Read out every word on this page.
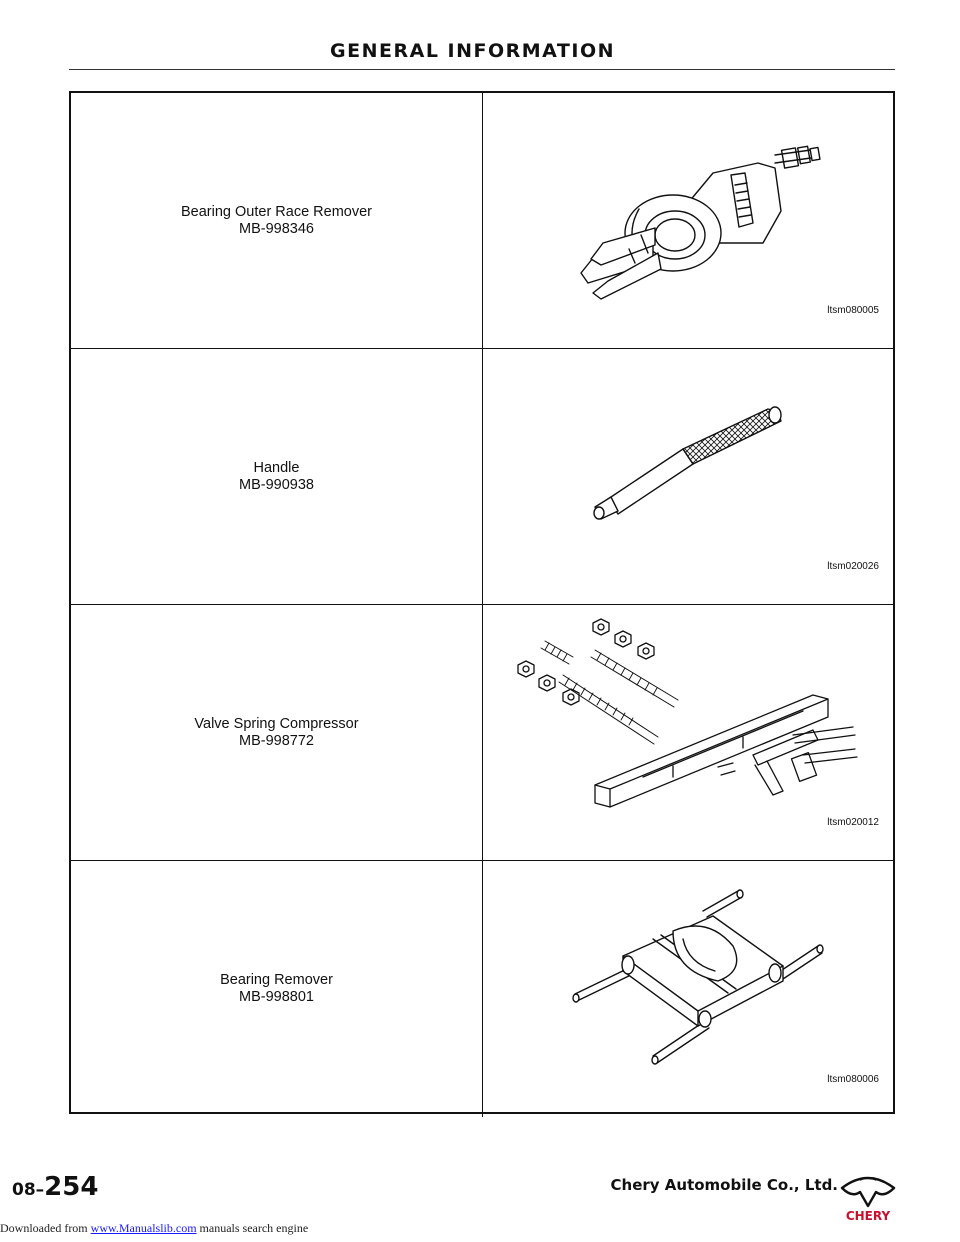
GENERAL INFORMATION
Bearing Outer Race Remover
MB-998346
ltsm080005
Handle
MB-990938
ltsm020026
Valve Spring Compressor
MB-998772
ltsm020012
Bearing Remover
MB-998801
ltsm080006
08–254	Chery Automobile Co., Ltd.
CHERY
Downloaded from www.Manualslib.com manuals search engine
